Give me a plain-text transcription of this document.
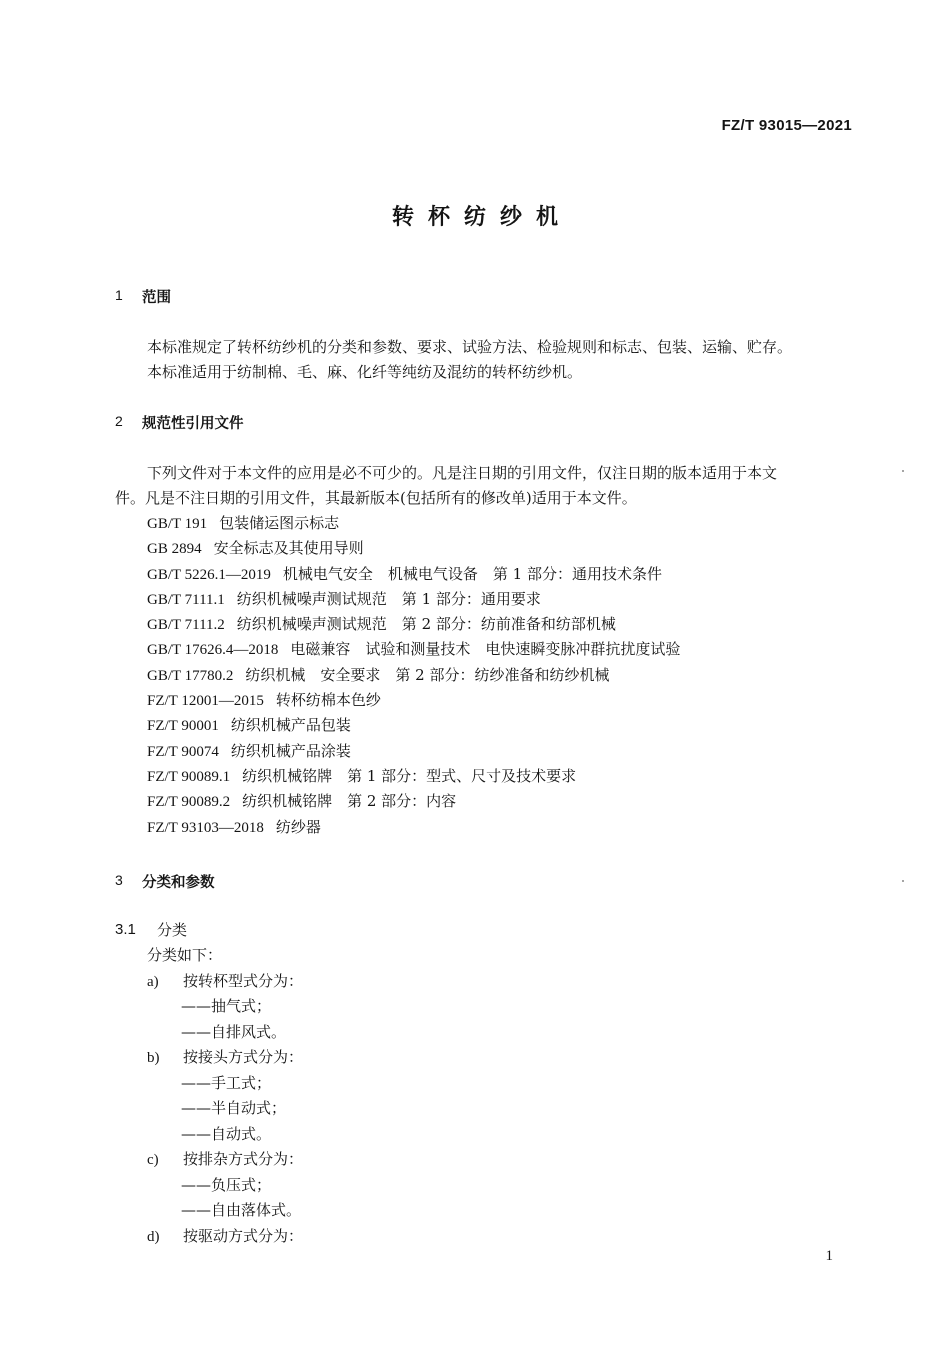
FZ/T 93015—2021
转杯纺纱机
1 范围
本标准规定了转杯纺纱机的分类和参数、要求、试验方法、检验规则和标志、包装、运输、贮存。
本标准适用于纺制棉、毛、麻、化纤等纯纺及混纺的转杯纺纱机。
2 规范性引用文件
下列文件对于本文件的应用是必不可少的。凡是注日期的引用文件，仅注日期的版本适用于本文
件。凡是不注日期的引用文件，其最新版本(包括所有的修改单)适用于本文件。
GB/T 191 包装储运图示标志
GB 2894 安全标志及其使用导则
GB/T 5226.1—2019 机械电气安全　机械电气设备　第 1 部分：通用技术条件
GB/T 7111.1 纺织机械噪声测试规范　第 1 部分：通用要求
GB/T 7111.2 纺织机械噪声测试规范　第 2 部分：纺前准备和纺部机械
GB/T 17626.4—2018 电磁兼容　试验和测量技术　电快速瞬变脉冲群抗扰度试验
GB/T 17780.2 纺织机械　安全要求　第 2 部分：纺纱准备和纺纱机械
FZ/T 12001—2015 转杯纺棉本色纱
FZ/T 90001 纺织机械产品包装
FZ/T 90074 纺织机械产品涂装
FZ/T 90089.1 纺织机械铭牌　第 1 部分：型式、尺寸及技术要求
FZ/T 90089.2 纺织机械铭牌　第 2 部分：内容
FZ/T 93103—2018 纺纱器
3 分类和参数
3.1 分类
分类如下：
a) 按转杯型式分为：
——抽气式；
——自排风式。
b) 按接头方式分为：
——手工式；
——半自动式；
——自动式。
c) 按排杂方式分为：
——负压式；
——自由落体式。
d) 按驱动方式分为：
1
